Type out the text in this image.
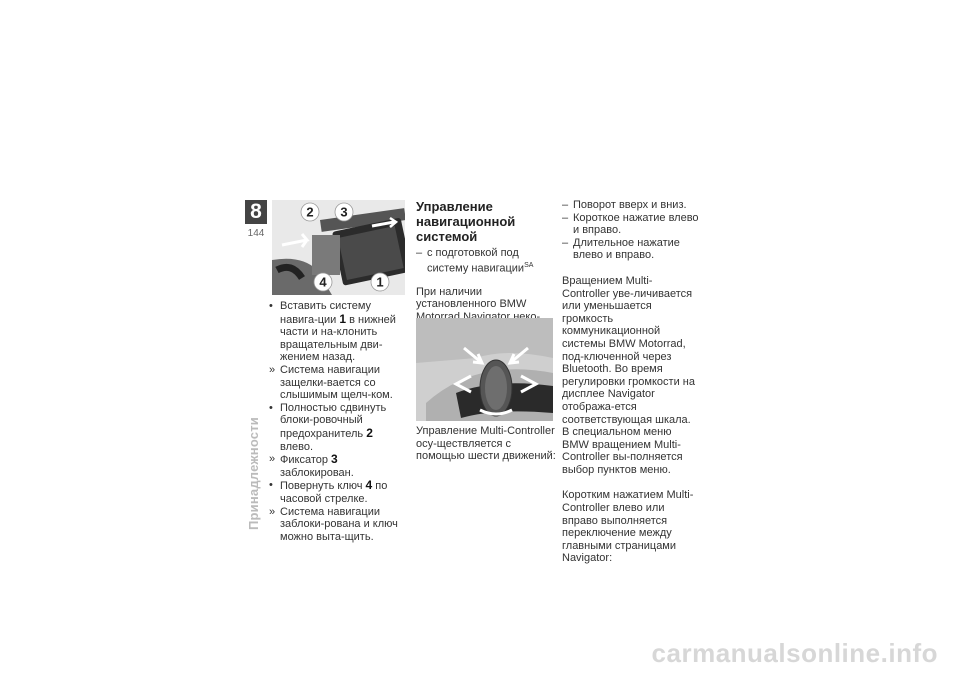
8
144
Принадлежности
2 3
4	1
• Вставить систему навига-ции 1 в нижней части и на-клонить вращательным дви-жением назад.
» Система навигации защелки-вается со слышимым щелч-ком.
• Полностью сдвинуть блоки-ровочный предохранитель 2 влево.
» Фиксатор 3 заблокирован.
• Повернуть ключ 4 по часовой стрелке.
» Система навигации заблоки-рована и ключ можно выта-щить.
Управление
навигационной системой
– с подготовкой под систему навигации$^{SA}$

При наличии установленного BMW

Управление Multi-Controller осу-ществляется с помощью шести движений:

– Поворот вверх и вниз.
– Короткое нажатие влево и вправо.
– Длительное нажатие влево и вправо.

Вращением Multi-Controller уве-личивается или уменьшается громкость коммуникационной системы BMW Motorrad, под-ключенной через Bluetooth. Во время регулировки громкости на дисплее Navigator отобража-ется соответствующая шкала. В специальном меню BMW вращением Multi-Controller вы-полняется выбор пунктов меню.

Коротким нажатием Multi-Controller влево или вправо выполняется переключение между главными страницами Navigator:

carmanualsonline.info
